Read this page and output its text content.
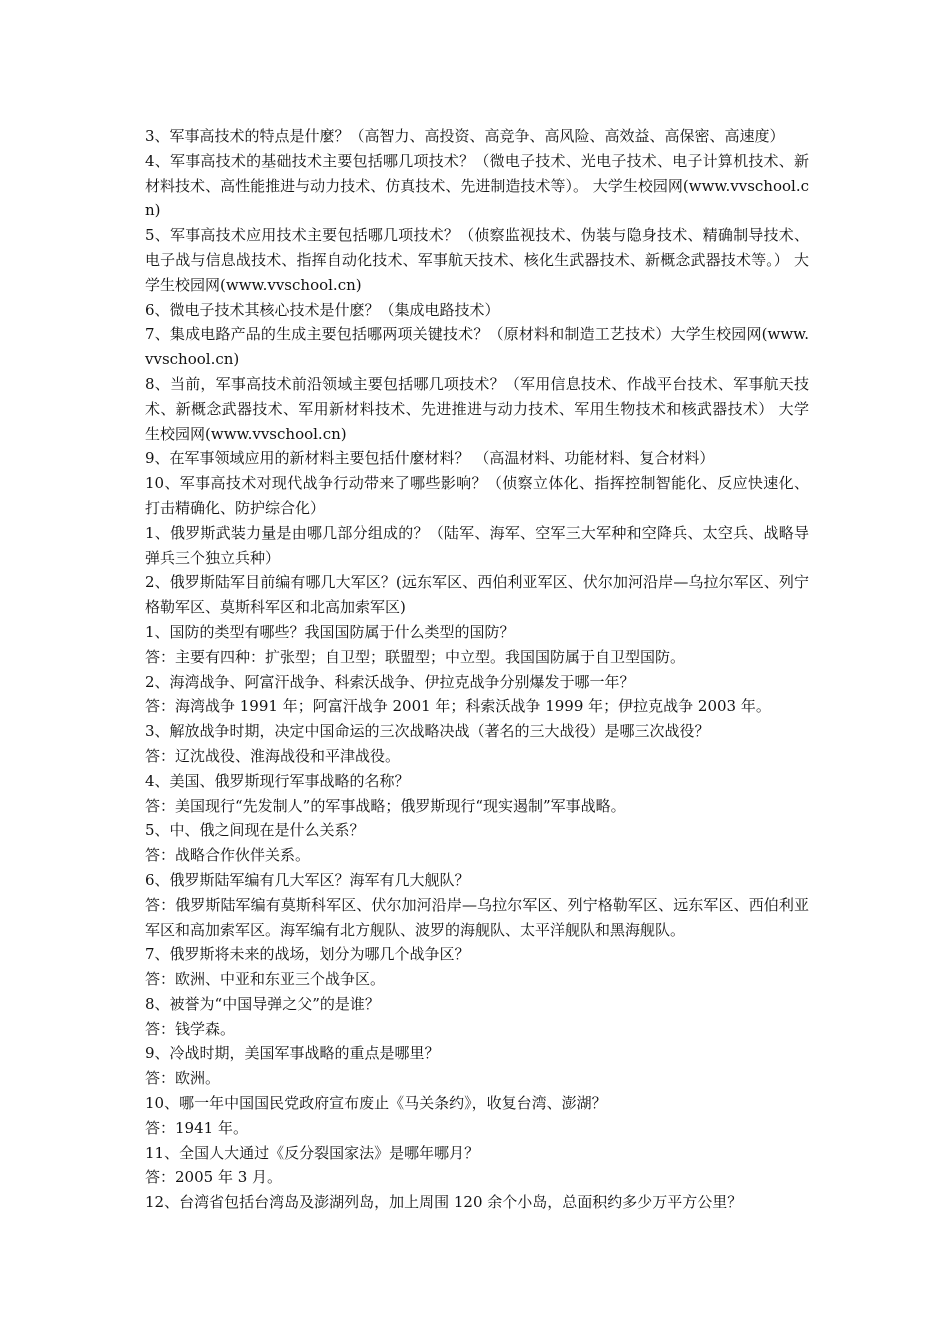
3、军事高技术的特点是什麼？（高智力、高投资、高竞争、高风险、高效益、高保密、高速度）

4、军事高技术的基础技术主要包括哪几项技术？（微电子技术、光电子技术、电子计算机技术、新材料技术、高性能推进与动力技术、仿真技术、先进制造技术等）。 大学生校园网(www.vvschool.cn)

5、军事高技术应用技术主要包括哪几项技术？（侦察监视技术、伪装与隐身技术、精确制导技术、电子战与信息战技术、指挥自动化技术、军事航天技术、核化生武器技术、新概念武器技术等。） 大学生校园网(www.vvschool.cn)

6、微电子技术其核心技术是什麽？（集成电路技术）

7、集成电路产品的生成主要包括哪两项关键技术？（原材料和制造工艺技术）大学生校园网(www.vvschool.cn)

8、当前，军事高技术前沿领域主要包括哪几项技术？（军用信息技术、作战平台技术、军事航天技术、新概念武器技术、军用新材料技术、先进推进与动力技术、军用生物技术和核武器技术） 大学生校园网(www.vvschool.cn)

9、在军事领域应用的新材料主要包括什麼材料？ （高温材料、功能材料、复合材料）

10、军事高技术对现代战争行动带来了哪些影响？（侦察立体化、指挥控制智能化、反应快速化、打击精确化、防护综合化）

1、俄罗斯武装力量是由哪几部分组成的？（陆军、海军、空军三大军种和空降兵、太空兵、战略导弹兵三个独立兵种）

2、俄罗斯陆军目前编有哪几大军区？(远东军区、西伯利亚军区、伏尔加河沿岸—乌拉尔军区、列宁格勒军区、莫斯科军区和北高加索军区)

1、国防的类型有哪些？我国国防属于什么类型的国防？

答：主要有四种：扩张型；自卫型；联盟型；中立型。我国国防属于自卫型国防。

2、海湾战争、阿富汗战争、科索沃战争、伊拉克战争分别爆发于哪一年？

答：海湾战争 1991 年；阿富汗战争 2001 年；科索沃战争 1999 年；伊拉克战争 2003 年。

3、解放战争时期，决定中国命运的三次战略决战（著名的三大战役）是哪三次战役？

答：辽沈战役、淮海战役和平津战役。

4、美国、俄罗斯现行军事战略的名称？

答：美国现行“先发制人”的军事战略；俄罗斯现行“现实遏制”军事战略。

5、中、俄之间现在是什么关系？

答：战略合作伙伴关系。

6、俄罗斯陆军编有几大军区？海军有几大舰队？

答：俄罗斯陆军编有莫斯科军区、伏尔加河沿岸—乌拉尔军区、列宁格勒军区、远东军区、西伯利亚军区和高加索军区。海军编有北方舰队、波罗的海舰队、太平洋舰队和黑海舰队。

7、俄罗斯将未来的战场，划分为哪几个战争区？

答：欧洲、中亚和东亚三个战争区。

8、被誉为“中国导弹之父”的是谁？

答：钱学森。

9、冷战时期，美国军事战略的重点是哪里？

答：欧洲。

10、哪一年中国国民党政府宣布废止《马关条约》，收复台湾、澎湖？

答：1941 年。

11、全国人大通过《反分裂国家法》是哪年哪月？

答：2005 年 3 月。

12、台湾省包括台湾岛及澎湖列岛，加上周围 120 余个小岛，总面积约多少万平方公里？
